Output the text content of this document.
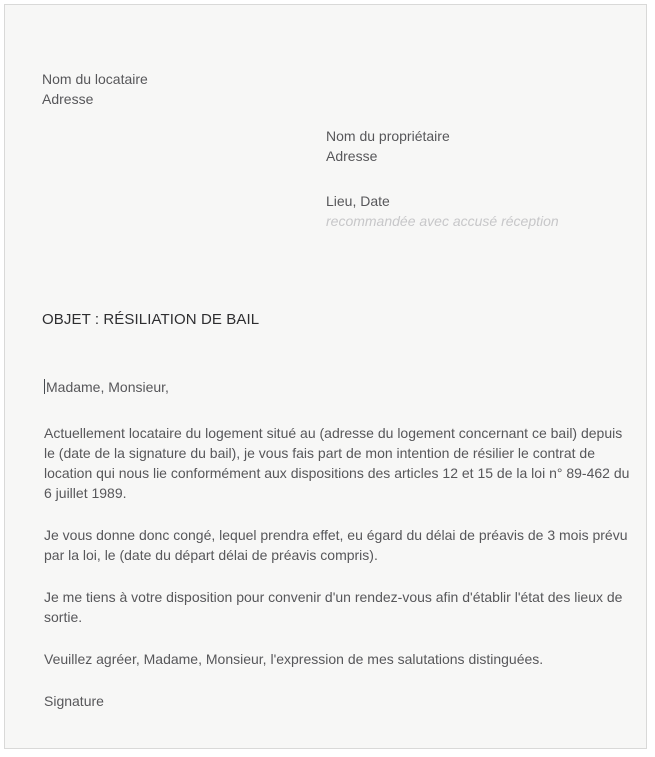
Nom du locataire
Adresse
Nom du propriétaire
Adresse
Lieu, Date
recommandée avec accusé réception
OBJET : RÉSILIATION DE BAIL

Madame, Monsieur,

Actuellement locataire du logement situé au (adresse du logement concernant ce bail) depuis le (date de la signature du bail), je vous fais part de mon intention de résilier le contrat de location qui nous lie conformément aux dispositions des articles 12 et 15 de la loi n° 89-462 du 6 juillet 1989.

Je vous donne donc congé, lequel prendra effet, eu égard du délai de préavis de 3 mois prévu par la loi, le (date du départ délai de préavis compris).

Je me tiens à votre disposition pour convenir d'un rendez-vous afin d'établir l'état des lieux de sortie.

Veuillez agréer, Madame, Monsieur, l'expression de mes salutations distinguées.

Signature
